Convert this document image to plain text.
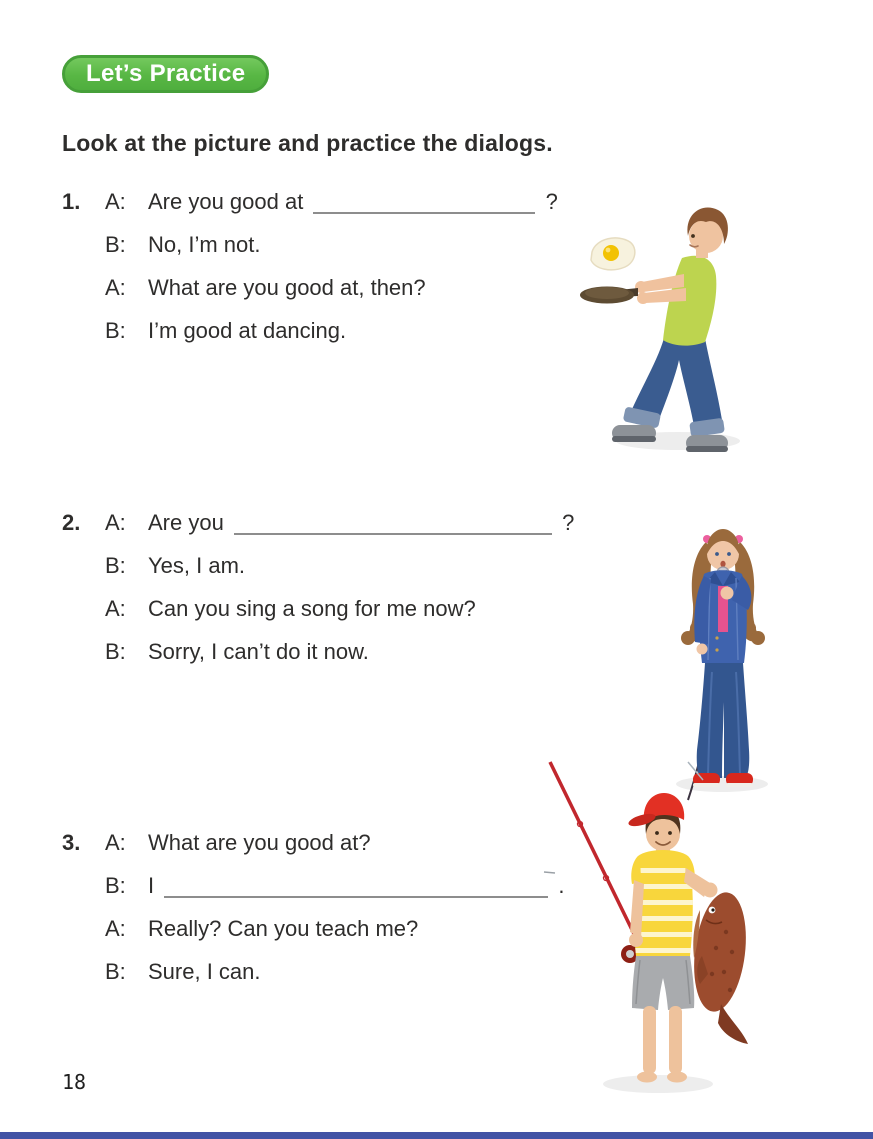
Let’s Practice
Look at the picture and practice the dialogs.
1.	A:	Are you good at	?
B:	No, I’m not.
A:	What are you good at, then?
B:	I’m good at dancing.
2.	A:	Are you	?
B:	Yes, I am.
A:	Can you sing a song for me now?
B:	Sorry, I can’t do it now.
3.	A:	What are you good at?
B:	I	.
A:	Really? Can you teach me?
B:	Sure, I can.
18
